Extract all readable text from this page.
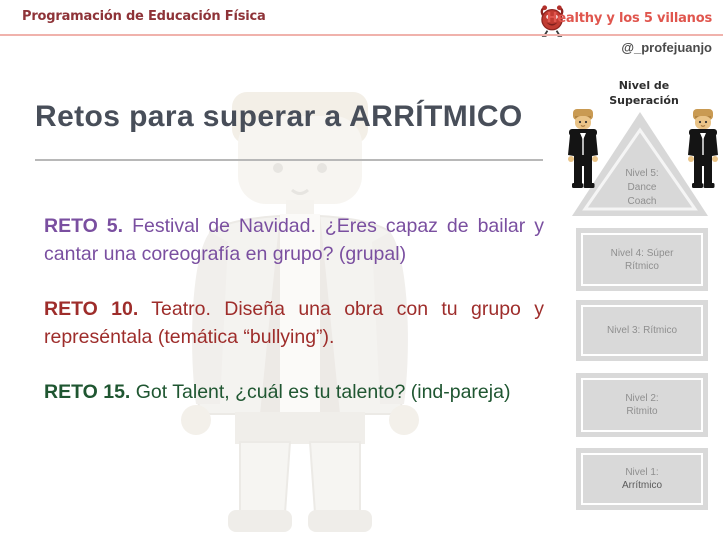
Programación de Educación Física	Healthy y los 5 villanos
@_profejuanjo
Retos para superar a ARRÍTMICO

RETO 5. Festival de Navidad. ¿Eres capaz de bailar y cantar una coreografía en grupo? (grupal)

RETO 10. Teatro. Diseña una obra con tu grupo y represéntala (temática “bullying”).

RETO 15. Got Talent, ¿cuál es tu talento? (ind-pareja)

Nivel de
Superación
Nivel 5:
Dance
Coach
Nivel 4: Súper
Rítmico
Nivel 3: Rítmico
Nivel 2:
Ritmito
Nivel 1:
Arrítmico
